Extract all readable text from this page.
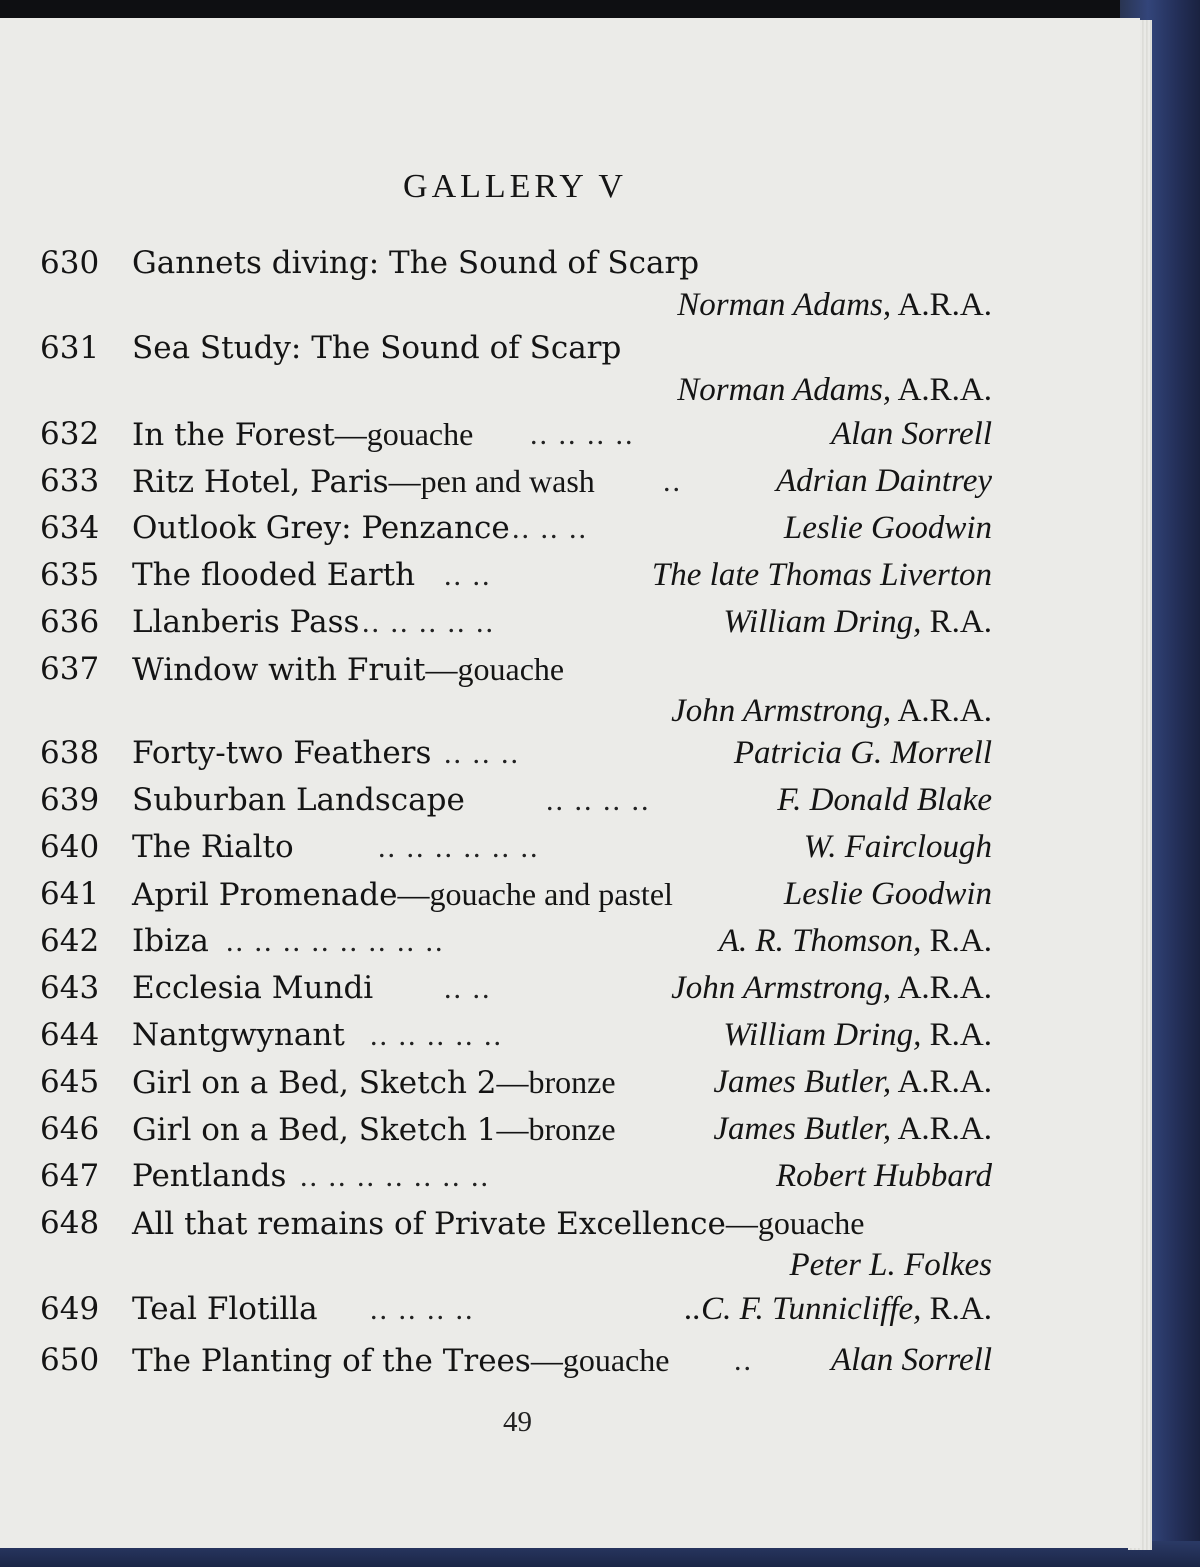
GALLERY V
630 Gannets diving: The Sound of Scarp
Norman Adams, A.R.A.
631 Sea Study: The Sound of Scarp
Norman Adams, A.R.A.
632 In the Forest—gouache .. .. .. ..	Alan Sorrell
633 Ritz Hotel, Paris—pen and wash ..	Adrian Daintrey
634 Outlook Grey: Penzance .. .. ..	Leslie Goodwin
635 The flooded Earth .. ..	The late Thomas Liverton
636 Llanberis Pass .. .. .. .. ..	William Dring, R.A.
637 Window with Fruit—gouache
John Armstrong, A.R.A.
638 Forty-two Feathers .. .. ..	Patricia G. Morrell
639 Suburban Landscape	.. .. .. ..	F. Donald Blake
640 The Rialto	.. .. .. .. .. ..	W. Fairclough
641 April Promenade—gouache and pastel	Leslie Goodwin
642 Ibiza .. .. .. .. .. .. .. ..	A. R. Thomson, R.A.
643 Ecclesia Mundi .. ..	John Armstrong, A.R.A.
644 Nantgwynant .. .. .. .. ..	William Dring, R.A.
645 Girl on a Bed, Sketch 2—bronze	James Butler, A.R.A.
646 Girl on a Bed, Sketch 1—bronze	James Butler, A.R.A.
647 Pentlands .. .. .. .. .. .. ..	Robert Hubbard
648 All that remains of Private Excellence—gouache
Peter L. Folkes
649 Teal Flotilla .. .. .. ..	..C. F. Tunnicliffe, R.A.
650 The Planting of the Trees—gouache .. Alan Sorrell
49
